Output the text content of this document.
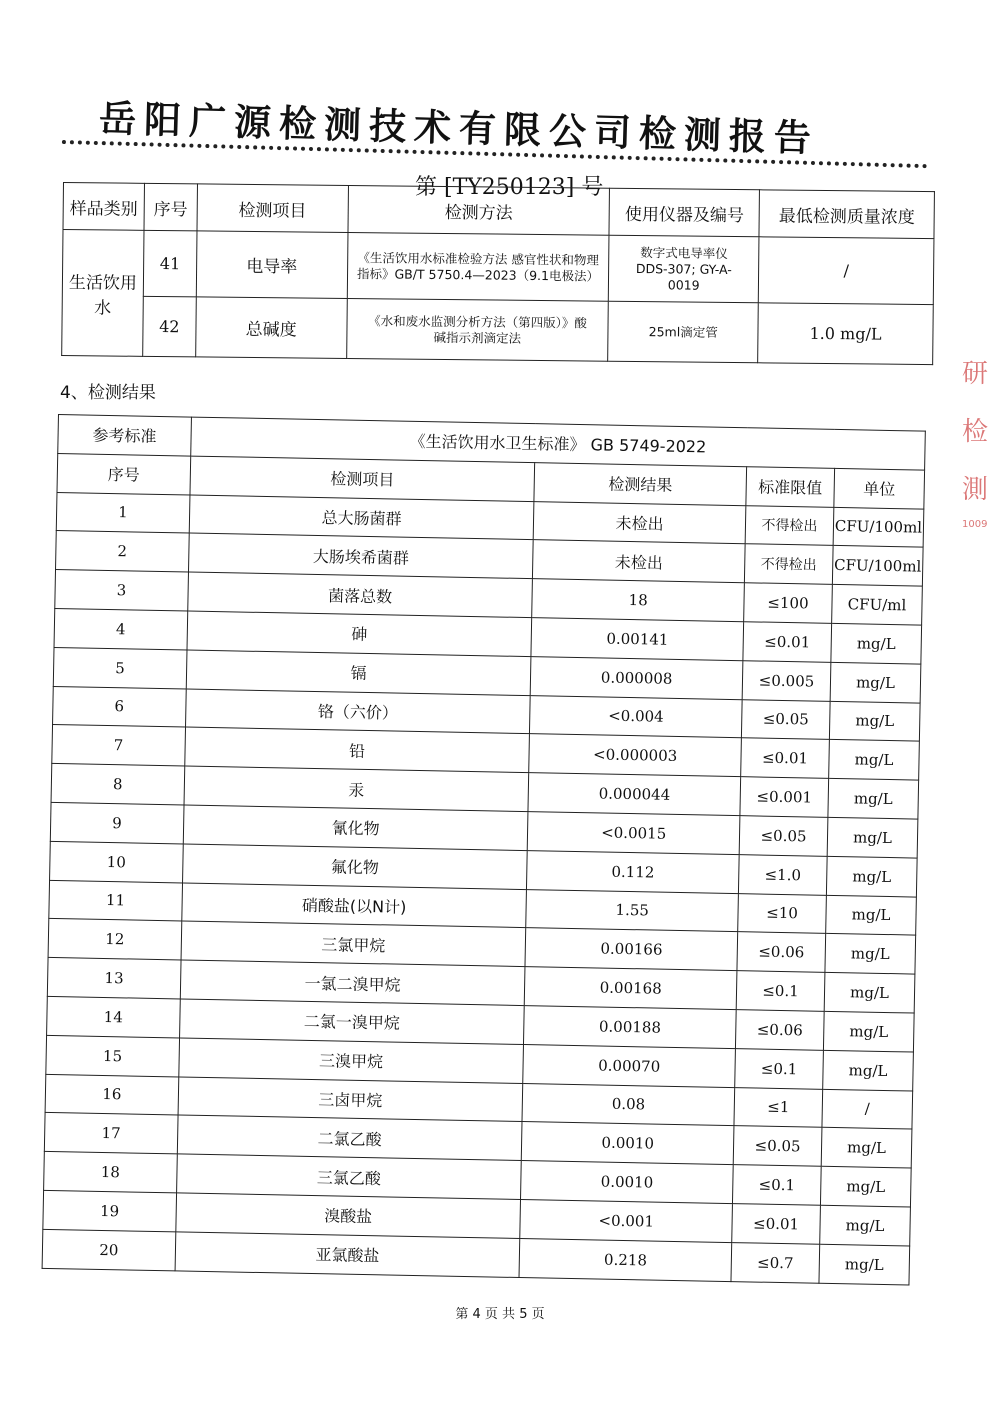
岳阳广源检测技术有限公司检测报告
第 [TY250123] 号
样品类别	序号	检测项目	检测方法	使用仪器及编号	最低检测质量浓度
生活饮用水	41	电导率	《生活饮用水标准检验方法 感官性状和物理指标》GB/T 5750.4—2023（9.1电极法）	数字式电导率仪 DDS-307; GY-A-0019	/
	42	总碱度	《水和废水监测分析方法（第四版）》酸碱指示剂滴定法	25ml滴定管	1.0 mg/L
4、检测结果
参考标准	《生活饮用水卫生标准》 GB 5749-2022			
序号	检测项目	检测结果	标准限值	单位
1	总大肠菌群	未检出	不得检出	CFU/100ml
2	大肠埃希菌群	未检出	不得检出	CFU/100ml
3	菌落总数	18	≤100	CFU/ml
4	砷	0.00141	≤0.01	mg/L
5	镉	0.000008	≤0.005	mg/L
6	铬（六价）	<0.004	≤0.05	mg/L
7	铅	<0.000003	≤0.01	mg/L
8	汞	0.000044	≤0.001	mg/L
9	氰化物	<0.0015	≤0.05	mg/L
10	氟化物	0.112	≤1.0	mg/L
11	硝酸盐(以N计)	1.55	≤10	mg/L
12	三氯甲烷	0.00166	≤0.06	mg/L
13	一氯二溴甲烷	0.00168	≤0.1	mg/L
14	二氯一溴甲烷	0.00188	≤0.06	mg/L
15	三溴甲烷	0.00070	≤0.1	mg/L
16	三卤甲烷	0.08	≤1	/
17	二氯乙酸	0.0010	≤0.05	mg/L
18	三氯乙酸	0.0010	≤0.1	mg/L
19	溴酸盐	<0.001	≤0.01	mg/L
20	亚氯酸盐	0.218	≤0.7	mg/L
研
检
測
1009
第 4 页 共 5 页
